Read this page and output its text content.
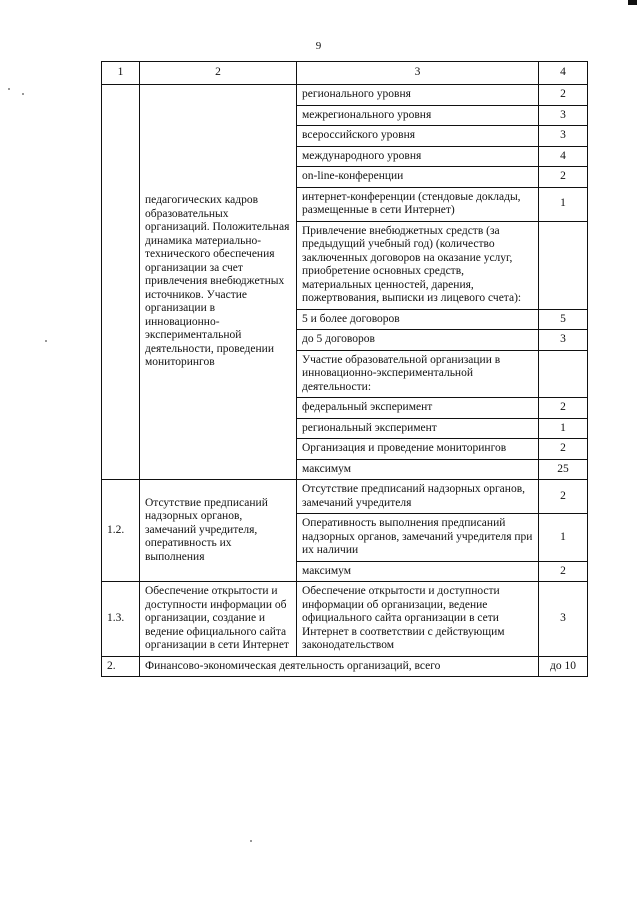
9
1	2	3	4
	педагогических кадров образовательных организаций. Положительная динамика материально-технического обеспечения организации за счет привлечения внебюджетных источников. Участие организации в инновационно-экспериментальной деятельности, проведении мониторингов	регионального уровня	2
		межрегионального уровня	3
		всероссийского уровня	3
		международного уровня	4
		on-line-конференции	2
		интернет-конференции (стендовые доклады, размещенные в сети Интернет)	1
		Привлечение внебюджетных средств (за предыдущий учебный год) (количество заключенных договоров на оказание услуг, приобретение основных средств, материальных ценностей, дарения, пожертвования, выписки из лицевого счета):	
		5 и более договоров	5
		до 5 договоров	3
		Участие образовательной организации в инновационно-экспериментальной деятельности:	
		федеральный эксперимент	2
		региональный эксперимент	1
		Организация и проведение мониторингов	2
		максимум	25
1.2.	Отсутствие предписаний надзорных органов, замечаний учредителя, оперативность их выполнения	Отсутствие предписаний надзорных органов, замечаний учредителя	2
		Оперативность выполнения предписаний надзорных органов, замечаний учредителя при их наличии	1
		максимум	2
1.3.	Обеспечение открытости и доступности информации об организации, создание и ведение официального сайта организации в сети Интернет	Обеспечение открытости и доступности информации об организации, ведение официального сайта организации в сети Интернет в соответствии с действующим законодательством	3
2.	Финансово-экономическая деятельность организаций, всего		до 10
